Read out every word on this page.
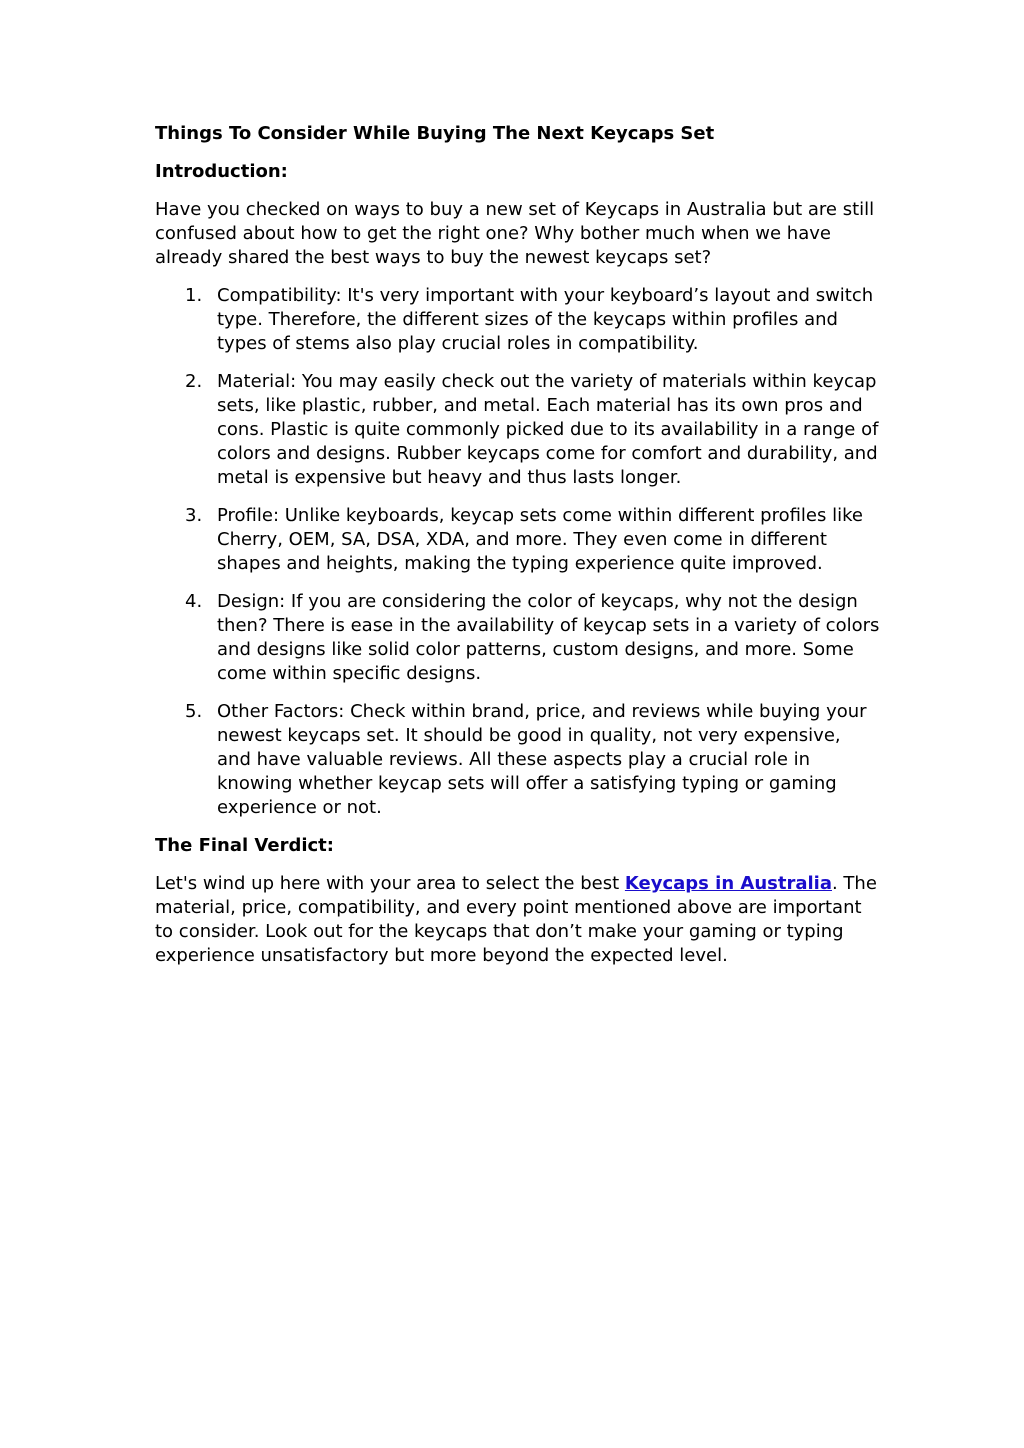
Things To Consider While Buying The Next Keycaps Set
Introduction:

Have you checked on ways to buy a new set of Keycaps in Australia but are still confused about how to get the right one? Why bother much when we have already shared the best ways to buy the newest keycaps set?

1. Compatibility: It's very important with your keyboard’s layout and switch type. Therefore, the different sizes of the keycaps within profiles and types of stems also play crucial roles in compatibility.
2. Material: You may easily check out the variety of materials within keycap sets, like plastic, rubber, and metal. Each material has its own pros and cons. Plastic is quite commonly picked due to its availability in a range of colors and designs. Rubber keycaps come for comfort and durability, and metal is expensive but heavy and thus lasts longer.
3. Profile: Unlike keyboards, keycap sets come within different profiles like Cherry, OEM, SA, DSA, XDA, and more. They even come in different shapes and heights, making the typing experience quite improved.
4. Design: If you are considering the color of keycaps, why not the design then? There is ease in the availability of keycap sets in a variety of colors and designs like solid color patterns, custom designs, and more. Some come within specific designs.
5. Other Factors: Check within brand, price, and reviews while buying your newest keycaps set. It should be good in quality, not very expensive, and have valuable reviews. All these aspects play a crucial role in knowing whether keycap sets will offer a satisfying typing or gaming experience or not.
The Final Verdict:

Let's wind up here with your area to select the best Keycaps in Australia. The material, price, compatibility, and every point mentioned above are important to consider. Look out for the keycaps that don’t make your gaming or typing experience unsatisfactory but more beyond the expected level.
